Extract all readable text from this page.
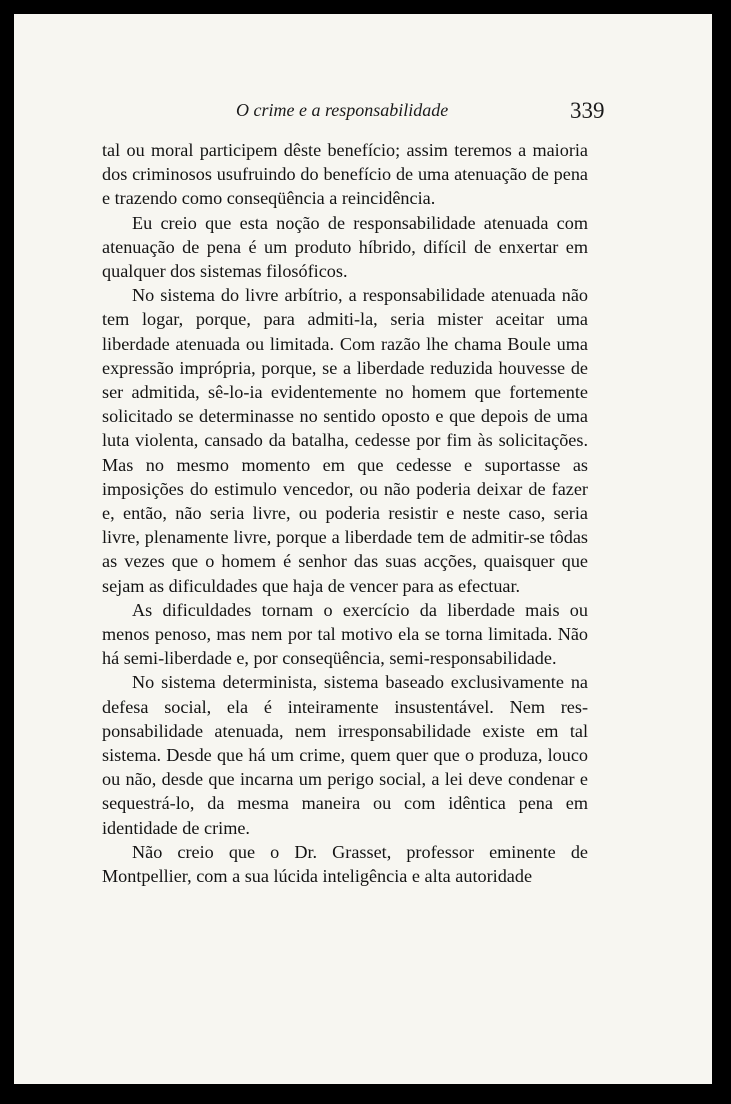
O crime e a responsabilidade	339

tal ou moral participem dêste benefício; assim teremos a maioria dos criminosos usufruindo do benefício de uma atenuação de pena e trazendo como conseqüência a reincidência.

Eu creio que esta noção de responsabilidade atenuada com atenuação de pena é um produto híbrido, difícil de enxertar em qualquer dos sistemas filosóficos.

No sistema do livre arbítrio, a responsabilidade atenuada não tem logar, porque, para admiti-la, seria mister aceitar uma liberdade atenuada ou limitada. Com razão lhe chama Boule uma expressão imprópria, porque, se a liberdade reduzida houvesse de ser admitida, sê-lo-ia evidentemente no homem que fortemente solicitado se determinasse no sentido oposto e que depois de uma luta violenta, cansado da batalha, cedesse por fim às solicitações. Mas no mesmo momento em que cedesse e suportasse as imposições do estimulo vencedor, ou não poderia deixar de fazer e, então, não seria livre, ou poderia resistir e neste caso, seria livre, plenamente livre, porque a liberdade tem de admitir-se tôdas as vezes que o homem é senhor das suas acções, quaisquer que sejam as dificuldades que haja de vencer para as efectuar.

As dificuldades tornam o exercício da liberdade mais ou menos penoso, mas nem por tal motivo ela se torna limitada. Não há semi-liberdade e, por conseqüência, semi-responsabilidade.

No sistema determinista, sistema baseado exclusivamente na defesa social, ela é inteiramente insustentável. Nem responsabilidade atenuada, nem irresponsabilidade existe em tal sistema. Desde que há um crime, quem quer que o produza, louco ou não, desde que incarna um perigo social, a lei deve condenar e sequestrá-lo, da mesma maneira ou com idêntica pena em identidade de crime.

Não creio que o Dr. Grasset, professor eminente de Montpellier, com a sua lúcida inteligência e alta autoridade
